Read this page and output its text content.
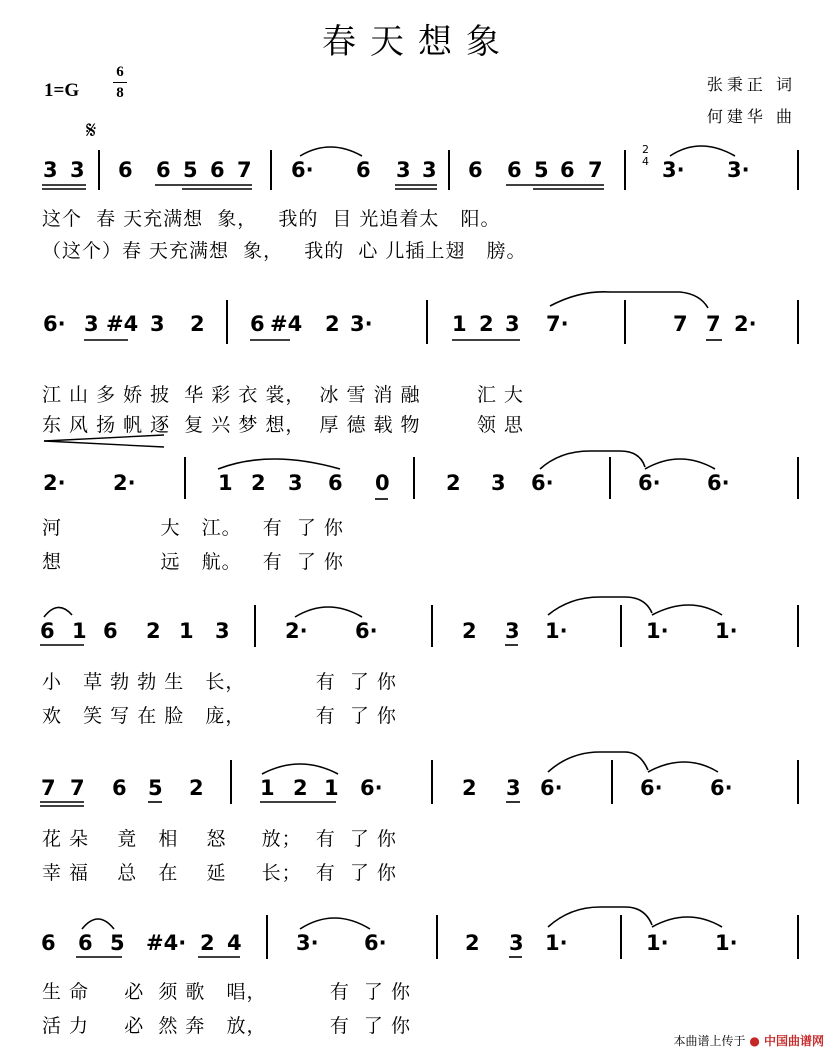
春天想象
1=G
6
8	张秉正 词
何建华 曲
𝄋
2
4
3 3 6 6 5 6 7 6· 6 3 3 6 6 5 6 7	3· 3·
这个  春 天充满想  象，   我的  目 光追着太   阳。
（这个）春 天充满想  象，   我的  心 儿插上翅   膀。
6· 3 #4 3 2 6 #4 2 3·	1 2 3 7·	7 7 2·
江 山 多 娇 披  华 彩 衣 裳，  冰 雪 消 融        汇 大
东 风 扬 帆 逐  复 兴 梦 想，  厚 德 载 物        领 思
2· 2·	1 2 3 6 0	2 3 6·	6· 6·
河              大   江。   有  了 你
想              远   航。   有  了 你
6 1 6 2 1 3	2· 6·	2 3 1·	1· 1·
小   草 勃 勃 生   长，          有  了 你
欢   笑 写 在 脸   庞，          有  了 你
7 7 6 5 2	1 2 1 6·	2 3 6·	6· 6·
花 朵    竟   相    怒     放；  有  了 你
幸 福    总   在    延     长；  有  了 你
6 6 5 #4· 2 4	3· 6·	2 3 1·	1· 1·
生 命     必  须 歌   唱，         有  了 你
活 力     必  然 奔   放，         有  了 你
本曲谱上传于 ● 中国曲谱网
